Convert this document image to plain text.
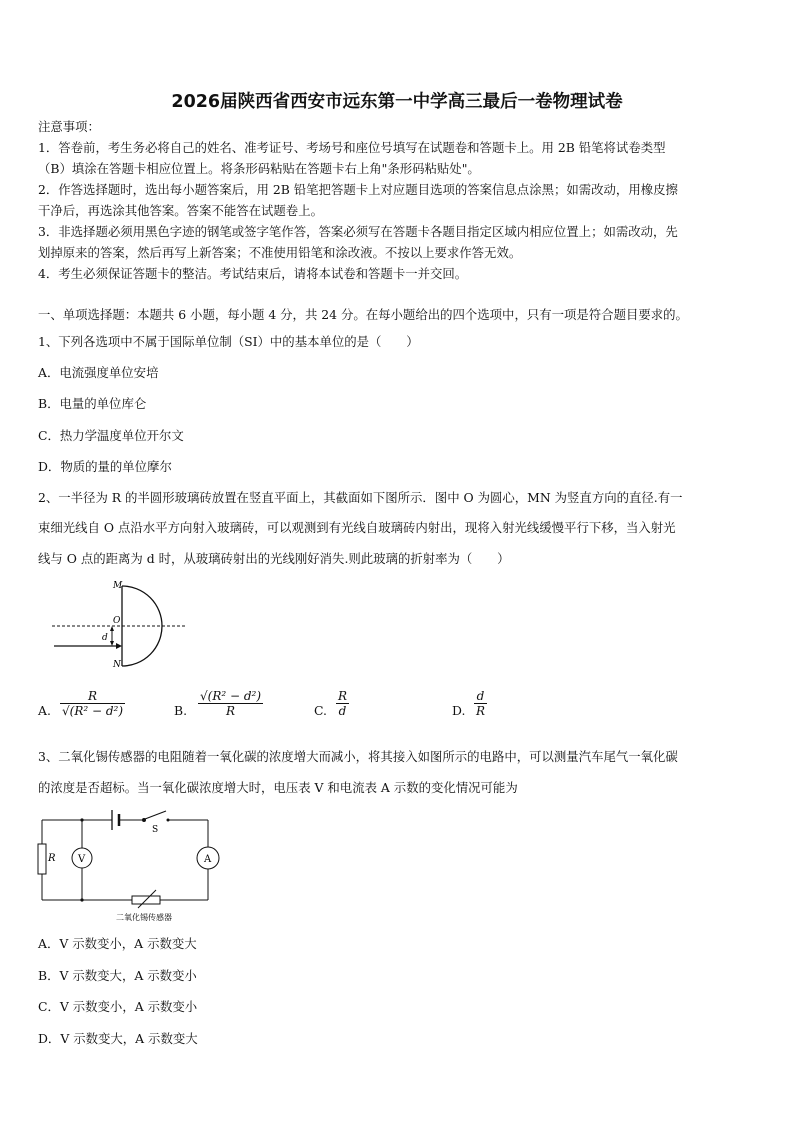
2026届陕西省西安市远东第一中学高三最后一卷物理试卷
注意事项：
1．答卷前，考生务必将自己的姓名、准考证号、考场号和座位号填写在试题卷和答题卡上。用 2B 铅笔将试卷类型
（B）填涂在答题卡相应位置上。将条形码粘贴在答题卡右上角"条形码粘贴处"。
2．作答选择题时，选出每小题答案后，用 2B 铅笔把答题卡上对应题目选项的答案信息点涂黑；如需改动，用橡皮擦
干净后，再选涂其他答案。答案不能答在试题卷上。
3．非选择题必须用黑色字迹的钢笔或签字笔作答，答案必须写在答题卡各题目指定区域内相应位置上；如需改动，先
划掉原来的答案，然后再写上新答案；不准使用铅笔和涂改液。不按以上要求作答无效。
4．考生必须保证答题卡的整洁。考试结束后，请将本试卷和答题卡一并交回。
一、单项选择题：本题共 6 小题，每小题 4 分，共 24 分。在每小题给出的四个选项中，只有一项是符合题目要求的。
1、下列各选项中不属于国际单位制（SI）中的基本单位的是（　　）
A．电流强度单位安培
B．电量的单位库仑
C．热力学温度单位开尔文
D．物质的量的单位摩尔
2、一半径为 R 的半圆形玻璃砖放置在竖直平面上，其截面如下图所示．图中 O 为圆心，MN 为竖直方向的直径.有一
束细光线自 O 点沿水平方向射入玻璃砖，可以观测到有光线自玻璃砖内射出，现将入射光线缓慢平行下移，当入射光
线与 O 点的距离为 d 时，从玻璃砖射出的光线刚好消失.则此玻璃的折射率为（　　）
M
O
d
N
A. $\frac{R}{\text{√(R² − d²)}}$	B. $\frac{\text{√(R² − d²)}}{R}$	C. $\frac{R}{d}$	D. $\frac{d}{R}$
3、二氧化锡传感器的电阻随着一氧化碳的浓度增大而减小，将其接入如图所示的电路中，可以测量汽车尾气一氧化碳
的浓度是否超标。当一氧化碳浓度增大时，电压表 V 和电流表 A 示数的变化情况可能为
S
R V	A
二氧化锡传感器
A．V 示数变小，A 示数变大
B．V 示数变大，A 示数变小
C．V 示数变小，A 示数变小
D．V 示数变大，A 示数变大
